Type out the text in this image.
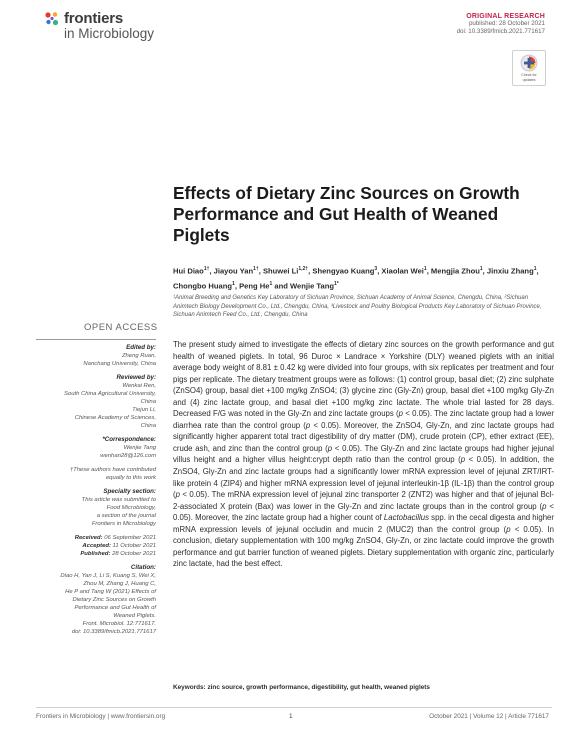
frontiers
in Microbiology
ORIGINAL RESEARCH
published: 28 October 2021
doi: 10.3389/fmicb.2021.771617
Check for
updates
Effects of Dietary Zinc Sources on Growth Performance and Gut Health of Weaned Piglets
Hui Diao$^{1\dagger}$, Jiayou Yan$^{1\dagger}$, Shuwei $Li^{1,2\dagger}$, Shengyao Kuang$^3$, Xiaolan Wei$^1$, Mengjia Zhou$^1$, Jinxiu Zhang$^1$, Chongbo Huang$^1$, Peng He$^1$ and Wenjie Tang$^{1*}$
¹Animal Breeding and Genetics Key Laboratory of Sichuan Province, Sichuan Academy of Animal Science, Chengdu, China, ²Sichuan Animtech Biology Development Co., Ltd., Chengdu, China, ³Livestock and Poultry Biological Products Key Laboratory of Sichuan Province, Sichuan Animtech Feed Co., Ltd., Chengdu, China
OPEN ACCESS
Edited by:
Zheng Ruan,
Nanchang University, China
Reviewed by:
Wenkai Ren,
South China Agricultural University,
China
Tiejun Li,
Chinese Academy of Sciences,
China
*Correspondence:
Wenjie Tang
wenhan28@126.com
†These authors have contributed
equally to this work
Specialty section:
This article was submitted to
Food Microbiology,
a section of the journal
Frontiers in Microbiology
Received: 06 September 2021
Accepted: 11 October 2021
Published: 28 October 2021
Citation:
Diao H, Yan J, Li S, Kuang S, Wei X,
Zhou M, Zhang J, Huang C,
He P and Tang W (2021) Effects of
Dietary Zinc Sources on Growth
Performance and Gut Health of
Weaned Piglets.
Front. Microbiol. 12:771617.
doi: 10.3389/fmicb.2021.771617

The present study aimed to investigate the effects of dietary zinc sources on the growth performance and gut health of weaned piglets. In total, 96 Duroc × Landrace × Yorkshire (DLY) weaned piglets with an initial average body weight of 8.81 ± 0.42 kg were divided into four groups, with six replicates per treatment and four pigs per replicate. The dietary treatment groups were as follows: (1) control group, basal diet; (2) zinc sulphate (ZnSO4) group, basal diet +100 mg/kg ZnSO4; (3) glycine zinc (Gly-Zn) group, basal diet +100 mg/kg Gly-Zn and (4) zinc lactate group, and basal diet +100 mg/kg zinc lactate. The whole trial lasted for 28 days. Decreased F/G was noted in the Gly-Zn and zinc lactate groups (p < 0.05). The zinc lactate group had a lower diarrhea rate than the control group (p < 0.05). Moreover, the ZnSO4, Gly-Zn, and zinc lactate groups had significantly higher apparent total tract digestibility of dry matter (DM), crude protein (CP), ether extract (EE), crude ash, and zinc than the control group (p < 0.05). The Gly-Zn and zinc lactate groups had higher jejunal villus height and a higher villus height:crypt depth ratio than the control group (p < 0.05). In addition, the ZnSO4, Gly-Zn and zinc lactate groups had a significantly lower mRNA expression level of jejunal ZRT/IRT-like protein 4 (ZIP4) and higher mRNA expression level of jejunal interleukin-1β (IL-1β) than the control group (p < 0.05). The mRNA expression level of jejunal zinc transporter 2 (ZNT2) was higher and that of jejunal Bcl-2-associated X protein (Bax) was lower in the Gly-Zn and zinc lactate groups than in the control group (p < 0.05). Moreover, the zinc lactate group had a higher count of Lactobacillus spp. in the cecal digesta and higher mRNA expression levels of jejunal occludin and mucin 2 (MUC2) than the control group (p < 0.05). In conclusion, dietary supplementation with 100 mg/kg ZnSO4, Gly-Zn, or zinc lactate could improve the growth performance and gut barrier function of weaned piglets. Dietary supplementation with organic zinc, particularly zinc lactate, had the best effect.

Keywords: zinc source, growth performance, digestibility, gut health, weaned piglets
Frontiers in Microbiology | www.frontiersin.org	1	October 2021 | Volume 12 | Article 771617
